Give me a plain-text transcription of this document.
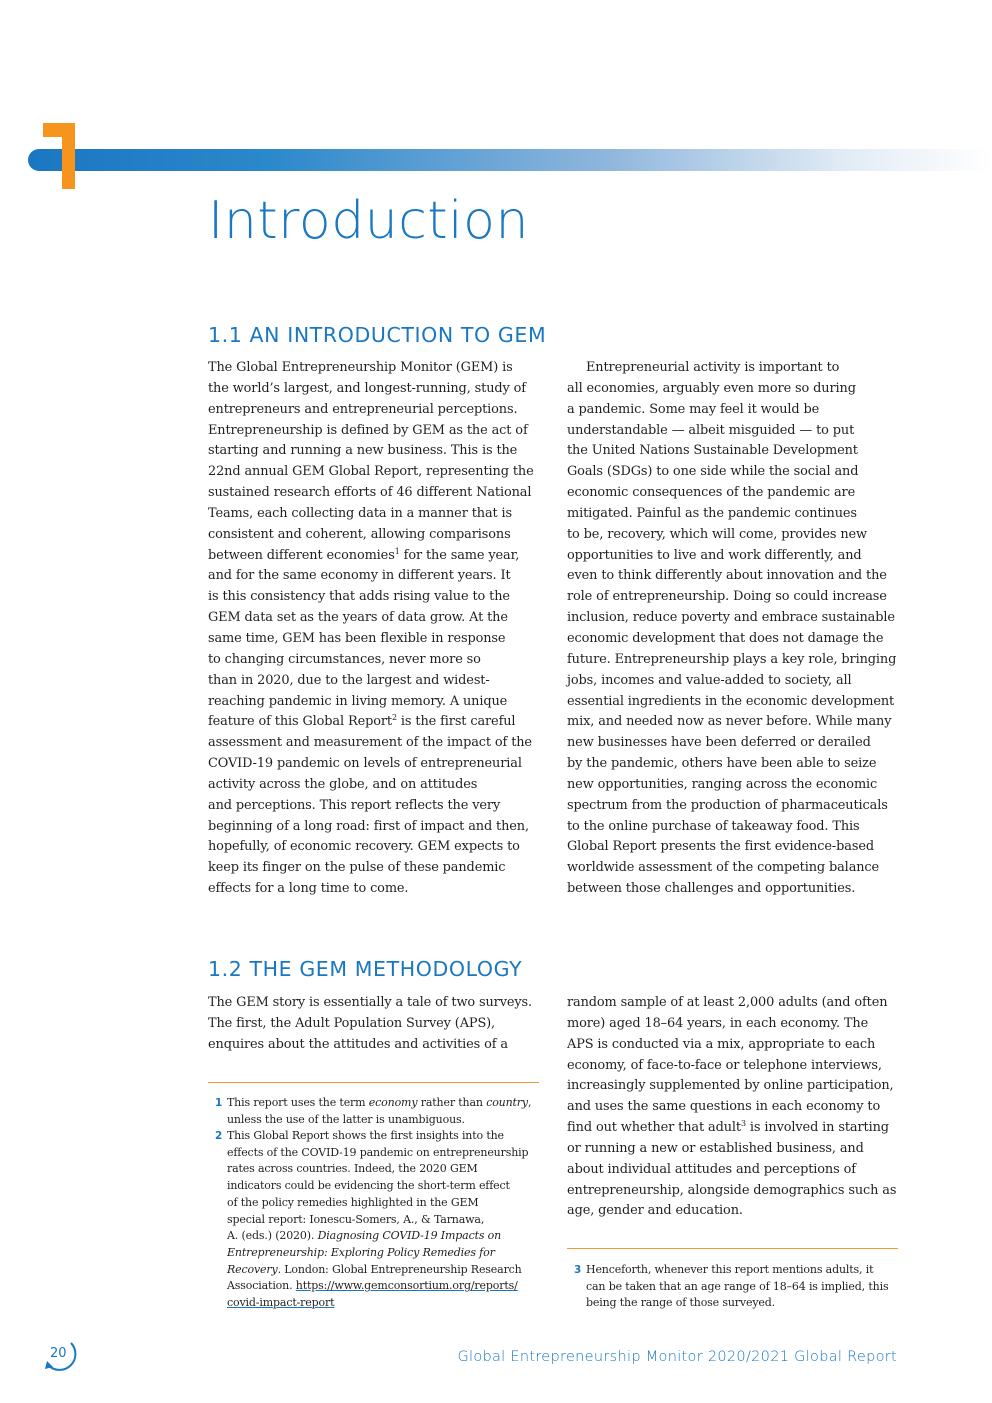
Introduction
1.1 AN INTRODUCTION TO GEM
The Global Entrepreneurship Monitor (GEM) is
the world’s largest, and longest-running, study of
entrepreneurs and entrepreneurial perceptions.
Entrepreneurship is defined by GEM as the act of
starting and running a new business. This is the
22nd annual GEM Global Report, representing the
sustained research efforts of 46 different National
Teams, each collecting data in a manner that is
consistent and coherent, allowing comparisons
between different economies$^1$ for the same year,
and for the same economy in different years. It
is this consistency that adds rising value to the
GEM data set as the years of data grow. At the
same time, GEM has been flexible in response
to changing circumstances, never more so
than in 2020, due to the largest and widest-
reaching pandemic in living memory. A unique
feature of this Global Report$^2$ is the first careful
assessment and measurement of the impact of the
COVID-19 pandemic on levels of entrepreneurial
activity across the globe, and on attitudes
and perceptions. This report reflects the very
beginning of a long road: first of impact and then,
hopefully, of economic recovery. GEM expects to
keep its finger on the pulse of these pandemic
effects for a long time to come.
Entrepreneurial activity is important to
all economies, arguably even more so during
a pandemic. Some may feel it would be
understandable — albeit misguided — to put
the United Nations Sustainable Development
Goals (SDGs) to one side while the social and
economic consequences of the pandemic are
mitigated. Painful as the pandemic continues
to be, recovery, which will come, provides new
opportunities to live and work differently, and
even to think differently about innovation and the
role of entrepreneurship. Doing so could increase
inclusion, reduce poverty and embrace sustainable
economic development that does not damage the
future. Entrepreneurship plays a key role, bringing
jobs, incomes and value-added to society, all
essential ingredients in the economic development
mix, and needed now as never before. While many
new businesses have been deferred or derailed
by the pandemic, others have been able to seize
new opportunities, ranging across the economic
spectrum from the production of pharmaceuticals
to the online purchase of takeaway food. This
Global Report presents the first evidence-based
worldwide assessment of the competing balance
between those challenges and opportunities.
1.2 THE GEM METHODOLOGY
The GEM story is essentially a tale of two surveys.
The first, the Adult Population Survey (APS),
enquires about the attitudes and activities of a
random sample of at least 2,000 adults (and often
more) aged 18–64 years, in each economy. The
APS is conducted via a mix, appropriate to each
economy, of face-to-face or telephone interviews,
increasingly supplemented by online participation,
and uses the same questions in each economy to
find out whether that adult$^3$ is involved in starting
or running a new or established business, and
about individual attitudes and perceptions of
entrepreneurship, alongside demographics such as
age, gender and education.
1 This report uses the term economy rather than country,
unless the use of the latter is unambiguous.
2 This Global Report shows the first insights into the
effects of the COVID-19 pandemic on entrepreneurship
rates across countries. Indeed, the 2020 GEM
indicators could be evidencing the short-term effect
of the policy remedies highlighted in the GEM
special report: Ionescu-Somers, A., & Tarnawa,
A. (eds.) (2020). Diagnosing COVID-19 Impacts on
Entrepreneurship: Exploring Policy Remedies for
Recovery. London: Global Entrepreneurship Research
Association. https://www.gemconsortium.org/reports/
covid-impact-report
3 Henceforth, whenever this report mentions adults, it
can be taken that an age range of 18–64 is implied, this
being the range of those surveyed.
20	Global Entrepreneurship Monitor 2020/2021 Global Report
